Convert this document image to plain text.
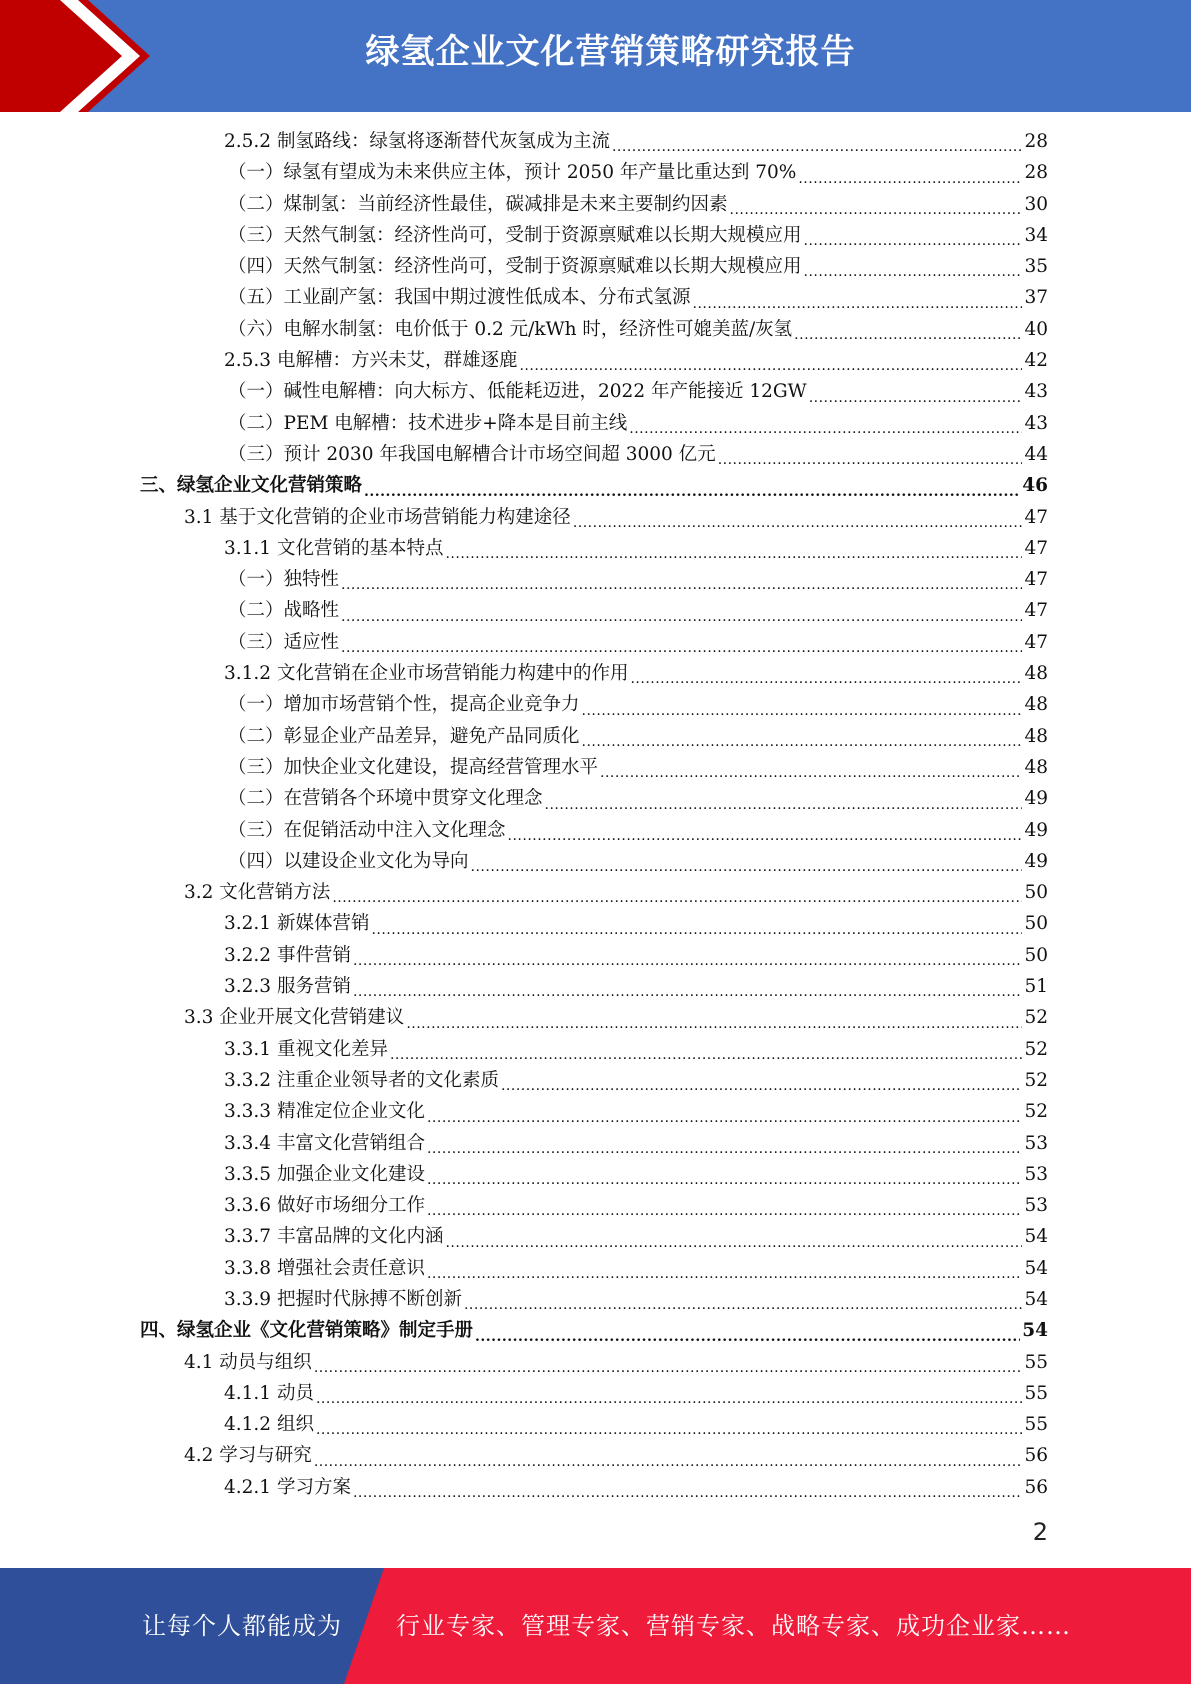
绿氢企业文化营销策略研究报告
2.5.2 制氢路线：绿氢将逐渐替代灰氢成为主流 .....	28
（一）绿氢有望成为未来供应主体，预计 2050 年产量比重达到 70% .....	28
（二）煤制氢：当前经济性最佳，碳减排是未来主要制约因素 .....	30
（三）天然气制氢：经济性尚可，受制于资源禀赋难以长期大规模应用 .....	34
（四）天然气制氢：经济性尚可，受制于资源禀赋难以长期大规模应用 .....	35
（五）工业副产氢：我国中期过渡性低成本、分布式氢源 .....	37
（六）电解水制氢：电价低于 0.2 元/kWh 时，经济性可媲美蓝/灰氢 .....	40
2.5.3 电解槽：方兴未艾，群雄逐鹿 .....	42
（一）碱性电解槽：向大标方、低能耗迈进，2022 年产能接近 12GW .....	43
（二）PEM 电解槽：技术进步+降本是目前主线 .....	43
（三）预计 2030 年我国电解槽合计市场空间超 3000 亿元 .....	44
三、绿氢企业文化营销策略 .....	46
3.1 基于文化营销的企业市场营销能力构建途径 .....	47
3.1.1 文化营销的基本特点 .....	47
（一）独特性 .....	47
（二）战略性 .....	47
（三）适应性 .....	47
3.1.2 文化营销在企业市场营销能力构建中的作用 .....	48
（一）增加市场营销个性，提高企业竞争力 .....	48
（二）彰显企业产品差异，避免产品同质化 .....	48
（三）加快企业文化建设，提高经营管理水平 .....	48
（二）在营销各个环境中贯穿文化理念 .....	49
（三）在促销活动中注入文化理念 .....	49
（四）以建设企业文化为导向 .....	49
3.2 文化营销方法 .....	50
3.2.1 新媒体营销 .....	50
3.2.2 事件营销 .....	50
3.2.3 服务营销 .....	51
3.3 企业开展文化营销建议 .....	52
3.3.1 重视文化差异 .....	52
3.3.2 注重企业领导者的文化素质 .....	52
3.3.3 精准定位企业文化 .....	52
3.3.4 丰富文化营销组合 .....	53
3.3.5 加强企业文化建设 .....	53
3.3.6 做好市场细分工作 .....	53
3.3.7 丰富品牌的文化内涵 .....	54
3.3.8 增强社会责任意识 .....	54
3.3.9 把握时代脉搏不断创新 .....	54
四、绿氢企业《文化营销策略》制定手册 .....	54
4.1 动员与组织 .....	55
4.1.1 动员 .....	55
4.1.2 组织 .....	55
4.2 学习与研究 .....	56
4.2.1 学习方案 .....	56
2
让每个人都能成为 行业专家、管理专家、营销专家、战略专家、成功企业家……
